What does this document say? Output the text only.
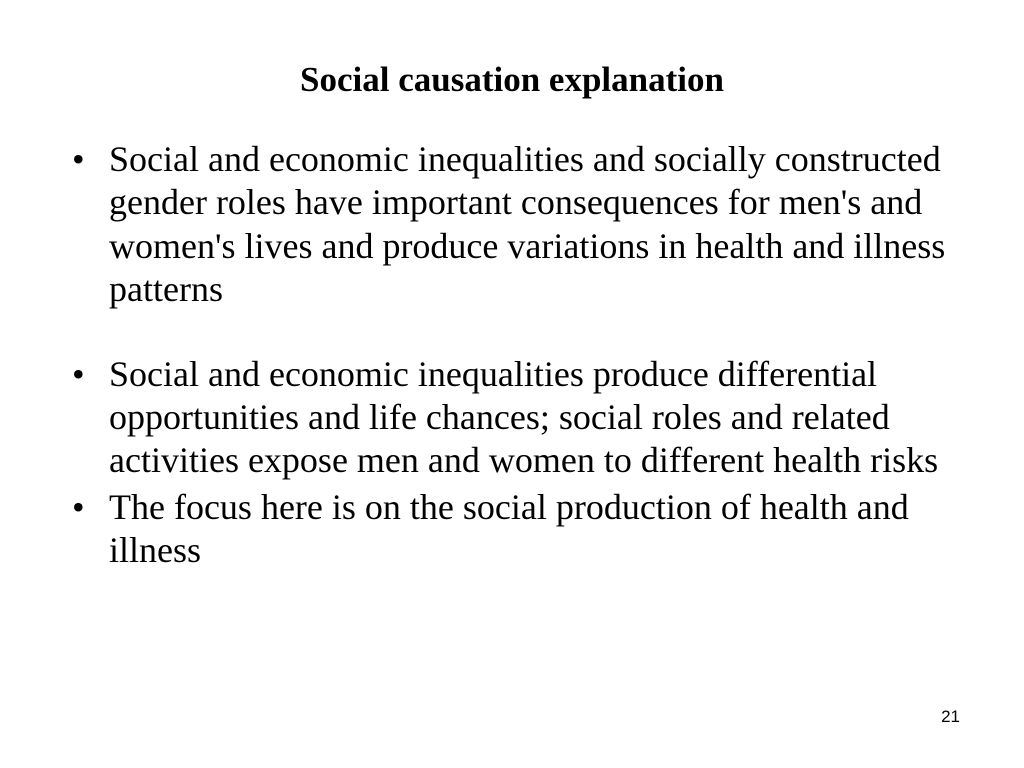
Social causation explanation
• Social and economic inequalities and socially constructed gender roles have important consequences for men's and women's lives and produce variations in health and illness patterns
• Social and economic inequalities produce differential opportunities and life chances; social roles and related activities expose men and women to different health risks
• The focus here is on the social production of health and illness
21
